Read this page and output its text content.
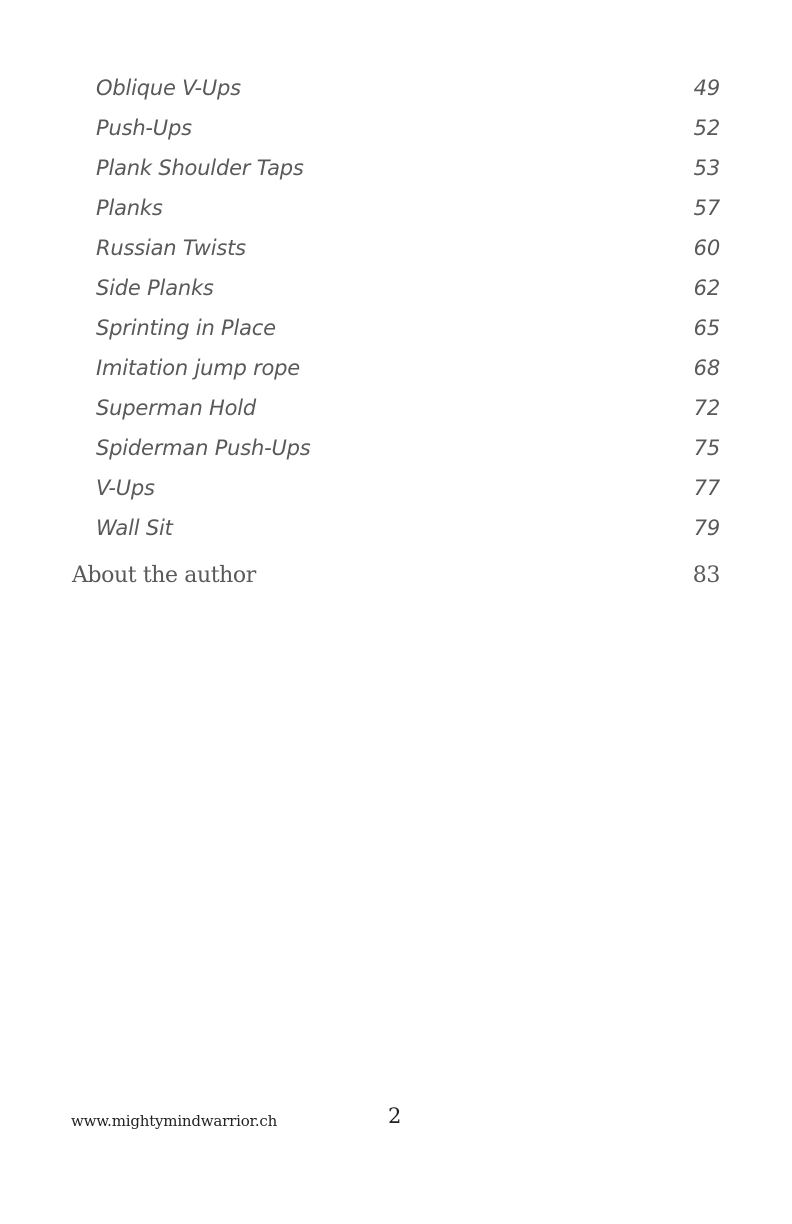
Oblique V-Ups	49
Push-Ups	52
Plank Shoulder Taps	53
Planks	57
Russian Twists	60
Side Planks	62
Sprinting in Place	65
Imitation jump rope	68
Superman Hold	72
Spiderman Push-Ups	75
V-Ups	77
Wall Sit	79
About the author	83
www.mightymindwarrior.ch	2
